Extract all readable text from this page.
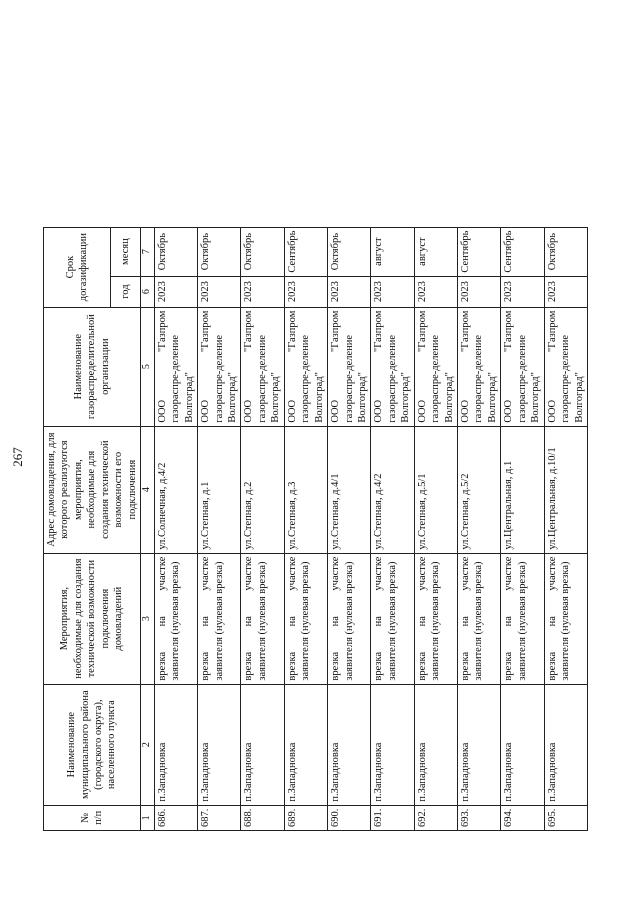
267
№ п/п	Наименование муниципального района (городского округа), населенного пункта	Мероприятия, необходимые для создания технической возможности подключения домовладений	Адрес домовладения, для которого реализуются мероприятия, необходимые для создания технической возможности его подключения	Наименование газораспределительной организации	Срок догазификации	
					год	месяц
1	2	3	4	5	6	7
686.	п.Западновка	врезка на участке заявителя (нулевая врезка)	ул.Солнечная, д.4/2	ООО "Газпром газораспре-деление Волгоград"	2023	Октябрь
687.	п.Западновка	врезка на участке заявителя (нулевая врезка)	ул.Степная, д.1	ООО "Газпром газораспре-деление Волгоград"	2023	Октябрь
688.	п.Западновка	врезка на участке заявителя (нулевая врезка)	ул.Степная, д.2	ООО "Газпром газораспре-деление Волгоград"	2023	Октябрь
689.	п.Западновка	врезка на участке заявителя (нулевая врезка)	ул.Степная, д.3	ООО "Газпром газораспре-деление Волгоград"	2023	Сентябрь
690.	п.Западновка	врезка на участке заявителя (нулевая врезка)	ул.Степная, д.4/1	ООО "Газпром газораспре-деление Волгоград"	2023	Октябрь
691.	п.Западновка	врезка на участке заявителя (нулевая врезка)	ул.Степная, д.4/2	ООО "Газпром газораспре-деление Волгоград"	2023	август
692.	п.Западновка	врезка на участке заявителя (нулевая врезка)	ул.Степная, д.5/1	ООО "Газпром газораспре-деление Волгоград"	2023	август
693.	п.Западновка	врезка на участке заявителя (нулевая врезка)	ул.Степная, д.5/2	ООО "Газпром газораспре-деление Волгоград"	2023	Сентябрь
694.	п.Западновка	врезка на участке заявителя (нулевая врезка)	ул.Центральная, д.1	ООО "Газпром газораспре-деление Волгоград"	2023	Сентябрь
695.	п.Западновка	врезка на участке заявителя (нулевая врезка)	ул.Центральная, д.10/1	ООО "Газпром газораспре-деление Волгоград"	2023	Октябрь
